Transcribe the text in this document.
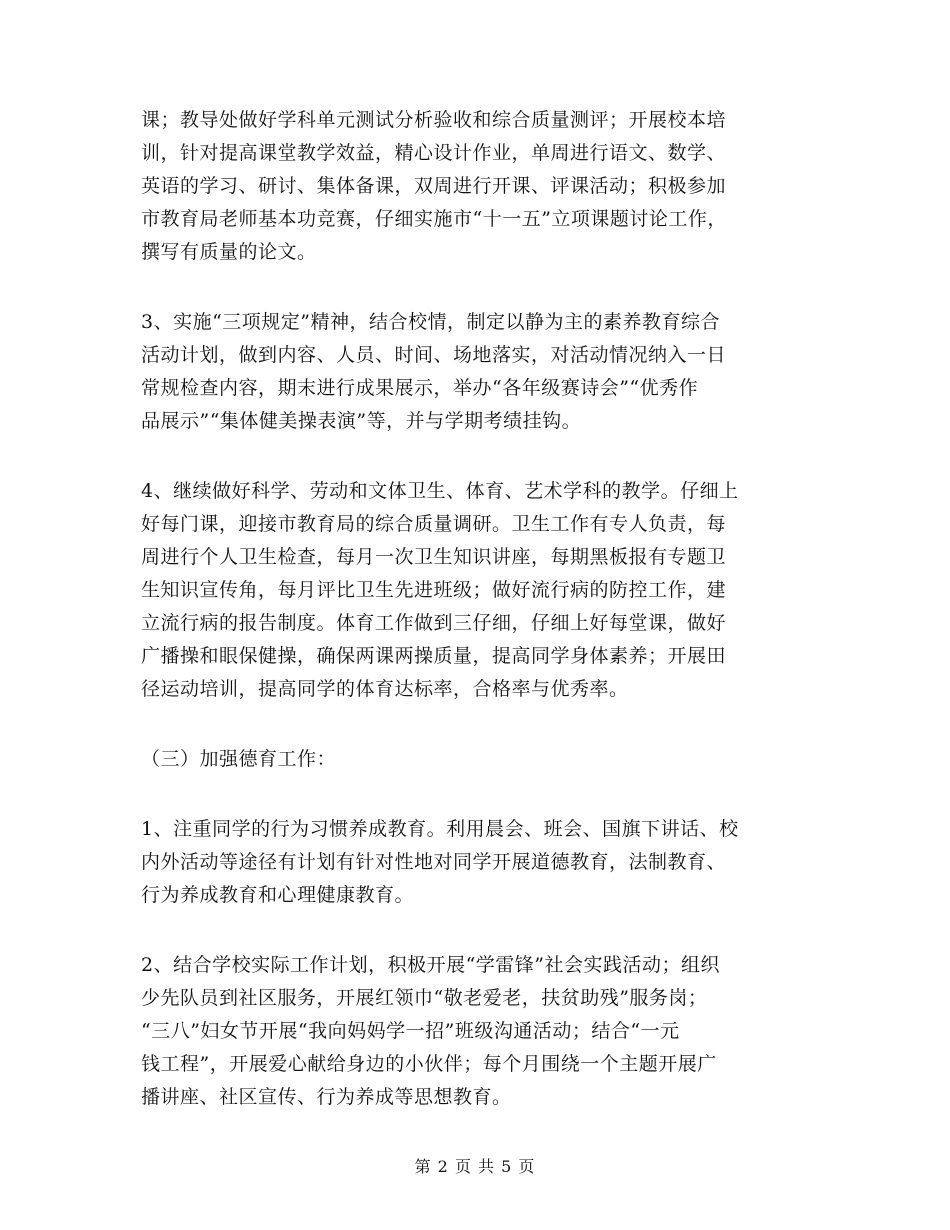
课；教导处做好学科单元测试分析验收和综合质量测评；开展校本培
训，针对提高课堂教学效益，精心设计作业，单周进行语文、数学、
英语的学习、研讨、集体备课，双周进行开课、评课活动；积极参加
市教育局老师基本功竞赛，仔细实施市“十一五”立项课题讨论工作，
撰写有质量的论文。
3、实施“三项规定”精神，结合校情，制定以静为主的素养教育综合
活动计划，做到内容、人员、时间、场地落实，对活动情况纳入一日
常规检查内容，期末进行成果展示，举办“各年级赛诗会”“优秀作
品展示”“集体健美操表演”等，并与学期考绩挂钩。
4、继续做好科学、劳动和文体卫生、体育、艺术学科的教学。仔细上
好每门课，迎接市教育局的综合质量调研。卫生工作有专人负责，每
周进行个人卫生检查，每月一次卫生知识讲座，每期黑板报有专题卫
生知识宣传角，每月评比卫生先进班级；做好流行病的防控工作，建
立流行病的报告制度。体育工作做到三仔细，仔细上好每堂课，做好
广播操和眼保健操，确保两课两操质量，提高同学身体素养；开展田
径运动培训，提高同学的体育达标率，合格率与优秀率。
（三）加强德育工作：
1、注重同学的行为习惯养成教育。利用晨会、班会、国旗下讲话、校
内外活动等途径有计划有针对性地对同学开展道德教育，法制教育、
行为养成教育和心理健康教育。
2、结合学校实际工作计划，积极开展“学雷锋”社会实践活动；组织
少先队员到社区服务，开展红领巾“敬老爱老，扶贫助残”服务岗；
“三八”妇女节开展“我向妈妈学一招”班级沟通活动；结合“一元
钱工程”，开展爱心献给身边的小伙伴；每个月围绕一个主题开展广
播讲座、社区宣传、行为养成等思想教育。
第 2 页 共 5 页
